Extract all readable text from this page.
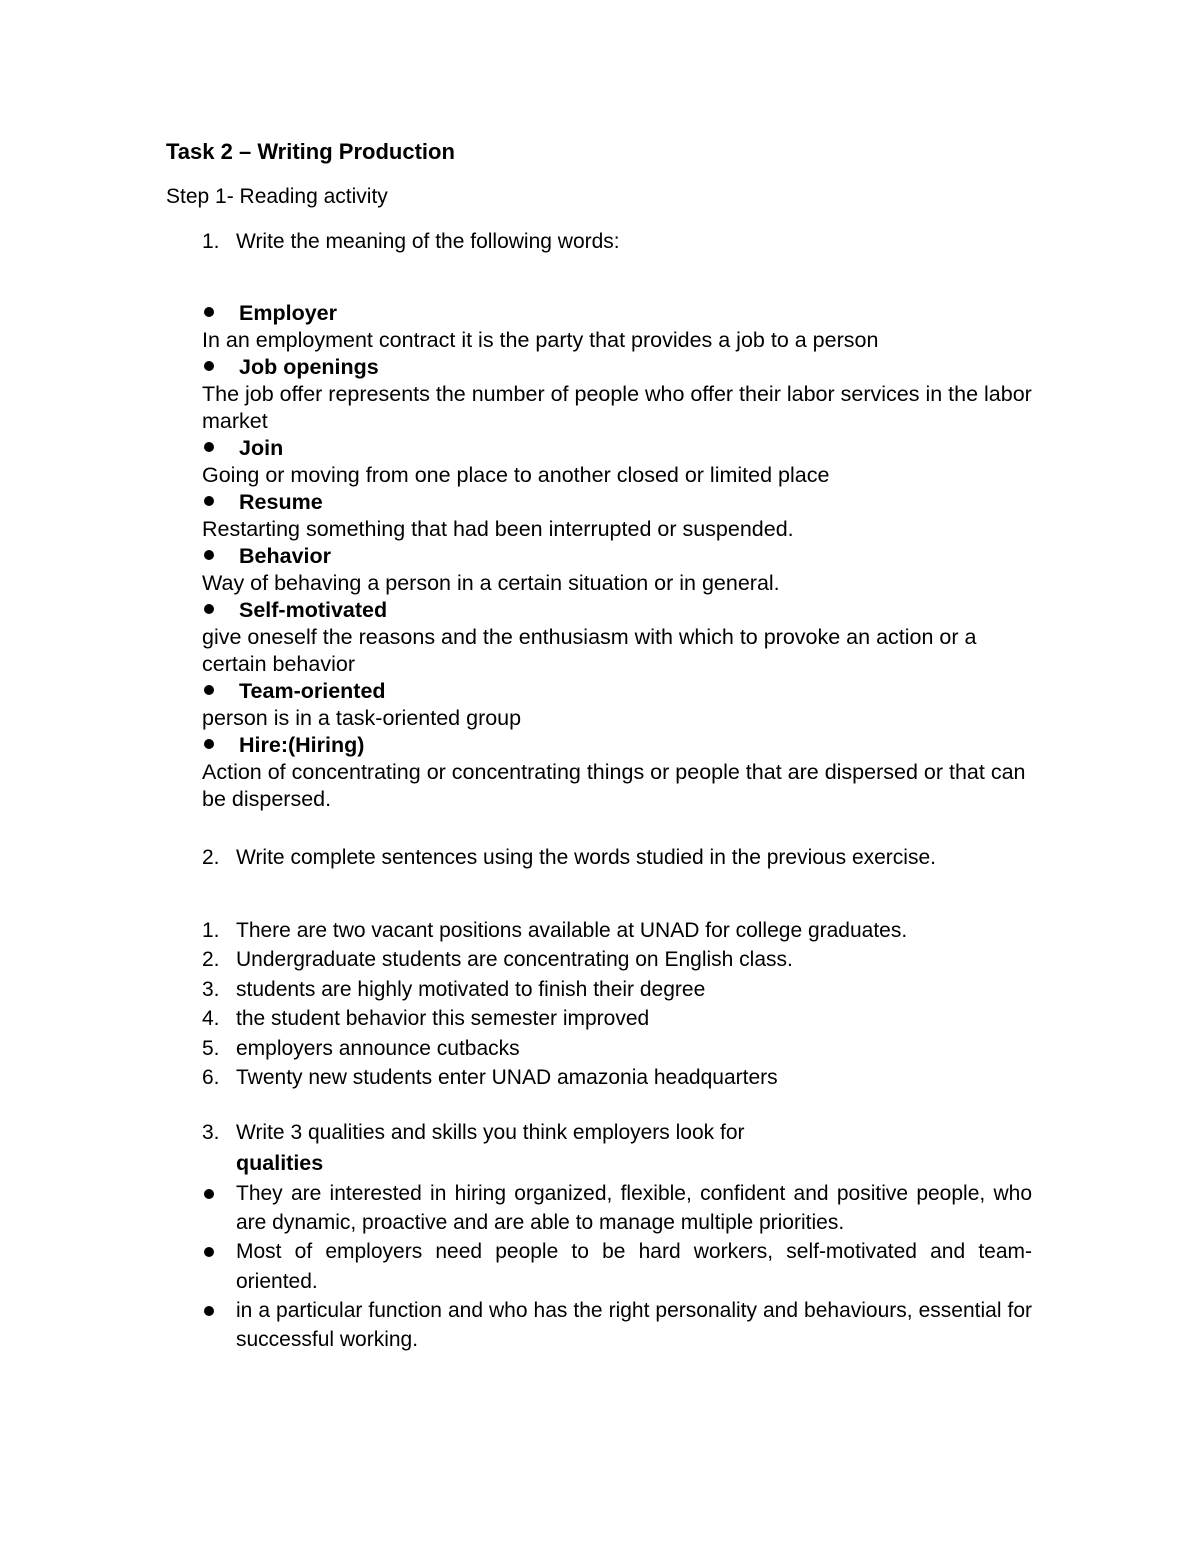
Task 2 – Writing Production
Step 1- Reading activity
1. Write the meaning of the following words:
Employer
In an employment contract it is the party that provides a job to a person
Job openings
The job offer represents the number of people who offer their labor services in the labor market
Join
Going or moving from one place to another closed or limited place
Resume
Restarting something that had been interrupted or suspended.
Behavior
Way of behaving a person in a certain situation or in general.
Self-motivated
give oneself the reasons and the enthusiasm with which to provoke an action or a certain behavior
Team-oriented
person is in a task-oriented group
Hire:(Hiring)
Action of concentrating or concentrating things or people that are dispersed or that can be dispersed.
2. Write complete sentences using the words studied in the previous exercise.
1. There are two vacant positions available at UNAD for college graduates.
2. Undergraduate students are concentrating on English class.
3. students are highly motivated to finish their degree
4. the student behavior this semester improved
5. employers announce cutbacks
6. Twenty new students enter UNAD amazonia headquarters
3. Write 3 qualities and skills you think employers look for
qualities
They are interested in hiring organized, flexible, confident and positive people, who are dynamic, proactive and are able to manage multiple priorities.
Most of employers need people to be hard workers, self-motivated and team-oriented.
in a particular function and who has the right personality and behaviours, essential for successful working.
